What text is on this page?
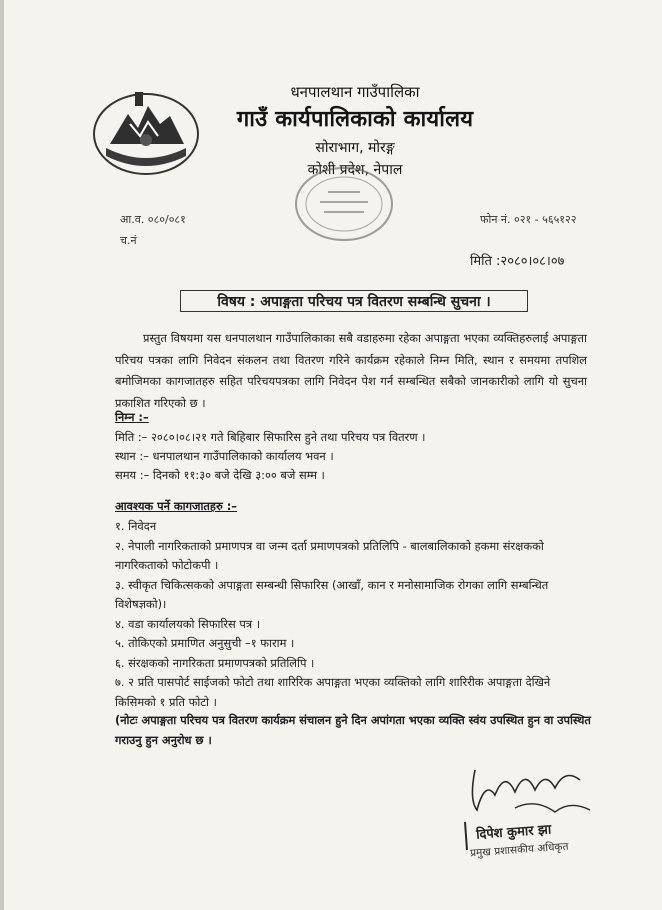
धनपालथान गाउँपालिका
गाउँ कार्यपालिकाको कार्यालय
सोराभाग, मोरङ्ग
कोशी प्रदेश, नेपाल
आ.व. ०८०/०८१
च.नं
फोन नं. ०२१ - ५६५१२२
मिति :२०८०।०८।०७
विषय : अपाङ्गता परिचय पत्र वितरण सम्बन्धि सुचना ।
प्रस्तुत विषयमा यस धनपालथान गाउँपालिकाका सबै वडाहरुमा रहेका अपाङ्गता भएका व्यक्तिहरुलाई अपाङ्गता परिचय पत्रका लागि निवेदन संकलन तथा वितरण गरिने कार्यक्रम रहेकाले निम्न मिति, स्थान र समयमा तपशिल बमोजिमका कागजातहरु सहित परिचयपत्रका लागि निवेदन पेश गर्न सम्बन्धित सबैको जानकारीको लागि यो सुचना प्रकाशित गरिएको छ ।
निम्न :–
मिति :– २०८०।०८।२१ गते बिहिबार सिफारिस हुने तथा परिचय पत्र वितरण ।
स्थान :– धनपालथान गाउँपालिकाको कार्यालय भवन ।
समय :– दिनको ११:३० बजे देखि ३:०० बजे सम्म ।
आवश्यक पर्ने कागजातहरु :–
१. निवेदन
२. नेपाली नागरिकताको प्रमाणपत्र वा जन्म दर्ता प्रमाणपत्रको प्रतिलिपि - बालबालिकाको हकमा संरक्षकको नागरिकताको फोटोकपी ।
३. स्वीकृत चिकित्सकको अपाङ्गता सम्बन्धी सिफारिस (आखाँ, कान र मनोसामाजिक रोगका लागि सम्बन्धित विशेषज्ञको)।
४. वडा कार्यालयको सिफारिस पत्र ।
५. तोकिएको प्रमाणित अनुसुची –१ फाराम ।
६. संरक्षकको नागरिकता प्रमाणपत्रको प्रतिलिपि ।
७. २ प्रति पासपोर्ट साईजको फोटो तथा शारिरिक अपाङ्गता भएका व्यक्तिको लागि शारिरीक अपाङ्गता देखिने किसिमको १ प्रति फोटो ।
(नोटः अपाङ्गता परिचय पत्र वितरण कार्यक्रम संचालन हुने दिन अपांगता भएका व्यक्ति स्वंय उपस्थित हुन वा उपस्थित गराउनु हुन अनुरोध छ ।
दिपेश कुमार झा
प्रमुख प्रशासकीय अधिकृत
